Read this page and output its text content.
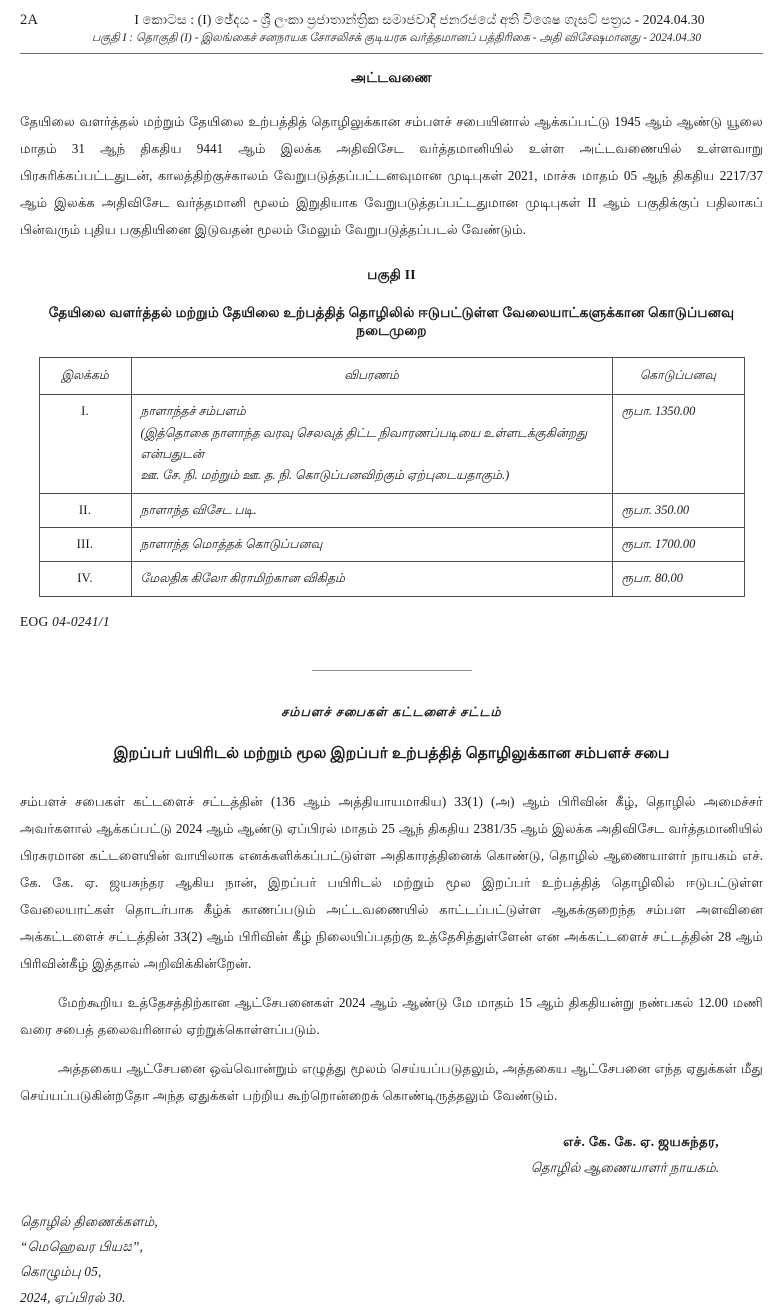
2A	I කොටස : (I) ඡේදය - ශ්‍රී ලංකා ප්‍රජාතාන්ත්‍රික සමාජවාදී ජනරජයේ අති විශෙෂ ගැසට් පත්‍රය - 2024.04.30
பகுதி I : தொகுதி (I) - இலங்கைச் சனநாயக சோசலிசக் குடியரசு வர்த்தமானப் பத்திரிகை - அதி விசேஷமானது - 2024.04.30
அட்டவணை

தேயிலை வளர்த்தல் மற்றும் தேயிலை உற்பத்தித் தொழிலுக்கான சம்பளச் சபையினால் ஆக்கப்பட்டு 1945 ஆம் ஆண்டு யூலை மாதம் 31 ஆந் திகதிய 9441 ஆம் இலக்க அதிவிசேட வர்த்தமானியில் உள்ள அட்டவணையில் உள்ளவாறு பிரசுரிக்கப்பட்டதுடன், காலத்திற்குச்காலம் வேறுபடுத்தப்பட்டனவுமான முடிபுகள் 2021, மாச்சு மாதம் 05 ஆந் திகதிய 2217/37 ஆம் இலக்க அதிவிசேட வர்த்தமானி மூலம் இறுதியாக வேறுபடுத்தப்பட்டதுமான முடிபுகள் II ஆம் பகுதிக்குப் பதிலாகப் பின்வரும் புதிய பகுதியினை இடுவதன் மூலம் மேலும் வேறுபடுத்தப்படல் வேண்டும்.

பகுதி II
தேயிலை வளர்த்தல் மற்றும் தேயிலை உற்பத்தித் தொழிலில் ஈடுபட்டுள்ள வேலையாட்களுக்கான கொடுப்பனவு
நடைமுறை
இலக்கம்	விபரணம்	கொடுப்பனவு
I.	நாளாந்தச் சம்பளம்
(இத்தொகை நாளாந்த வரவு செலவுத் திட்ட நிவாரணப்படியை உள்ளடக்குகின்றது என்பதுடன்
ஊ. சே. நி. மற்றும் ஊ. த. நி. கொடுப்பனவிற்கும் ஏற்புடையதாகும்.)	ரூபா. 1350.00
II.	நாளாந்த விசேட படி.	ரூபா. 350.00
III.	நாளாந்த மொத்தக் கொடுப்பனவு	ரூபா. 1700.00
IV.	மேலதிக கிலோ கிராமிற்கான விகிதம்	ரூபா. 80.00
EOG 04-0241/1
சம்பளச் சபைகள் கட்டளைச் சட்டம்
இறப்பர் பயிரிடல் மற்றும் மூல இறப்பர் உற்பத்தித் தொழிலுக்கான சம்பளச் சபை

சம்பளச் சபைகள் கட்டளைச் சட்டத்தின் (136 ஆம் அத்தியாயமாகிய) 33(1) (அ) ஆம் பிரிவின் கீழ், தொழில் அமைச்சர் அவர்களால் ஆக்கப்பட்டு 2024 ஆம் ஆண்டு ஏப்பிரல் மாதம் 25 ஆந் திகதிய 2381/35 ஆம் இலக்க அதிவிசேட வர்த்தமானியில் பிரசுரமான கட்டளையின் வாயிலாக எனக்களிக்கப்பட்டுள்ள அதிகாரத்தினைக் கொண்டு, தொழில் ஆணையாளர் நாயகம் எச். கே. கே. ஏ. ஜயசுந்தர ஆகிய நான், இறப்பர் பயிரிடல் மற்றும் மூல இறப்பர் உற்பத்தித் தொழிலில் ஈடுபட்டுள்ள வேலையாட்கள் தொடர்பாக கீழ்க் காணப்படும் அட்டவணையில் காட்டப்பட்டுள்ள ஆகக்குறைந்த சம்பள அளவினை அக்கட்டளைச் சட்டத்தின் 33(2) ஆம் பிரிவின் கீழ் நிலையிப்பதற்கு உத்தேசித்துள்ளேன் என அக்கட்டளைச் சட்டத்தின் 28 ஆம் பிரிவின்கீழ் இத்தால் அறிவிக்கின்றேன்.

மேற்கூறிய உத்தேசத்திற்கான ஆட்சேபனைகள் 2024 ஆம் ஆண்டு மே மாதம் 15 ஆம் திகதியன்று நண்பகல் 12.00 மணி வரை சபைத் தலைவரினால் ஏற்றுக்கொள்ளப்படும்.

அத்தகைய ஆட்சேபனை ஒவ்வொன்றும் எழுத்து மூலம் செய்யப்படுதலும், அத்தகைய ஆட்சேபனை எந்த ஏதுக்கள் மீது செய்யப்படுகின்றதோ அந்த ஏதுக்கள் பற்றிய கூற்றொன்றைக் கொண்டிருத்தலும் வேண்டும்.

எச். கே. கே. ஏ. ஜயசுந்தர,
தொழில் ஆணையாளர் நாயகம்.
தொழில் திணைக்களம்,
“மெஹெவர பியස”,
கொழும்பு 05,
2024, ஏப்பிரல் 30.
